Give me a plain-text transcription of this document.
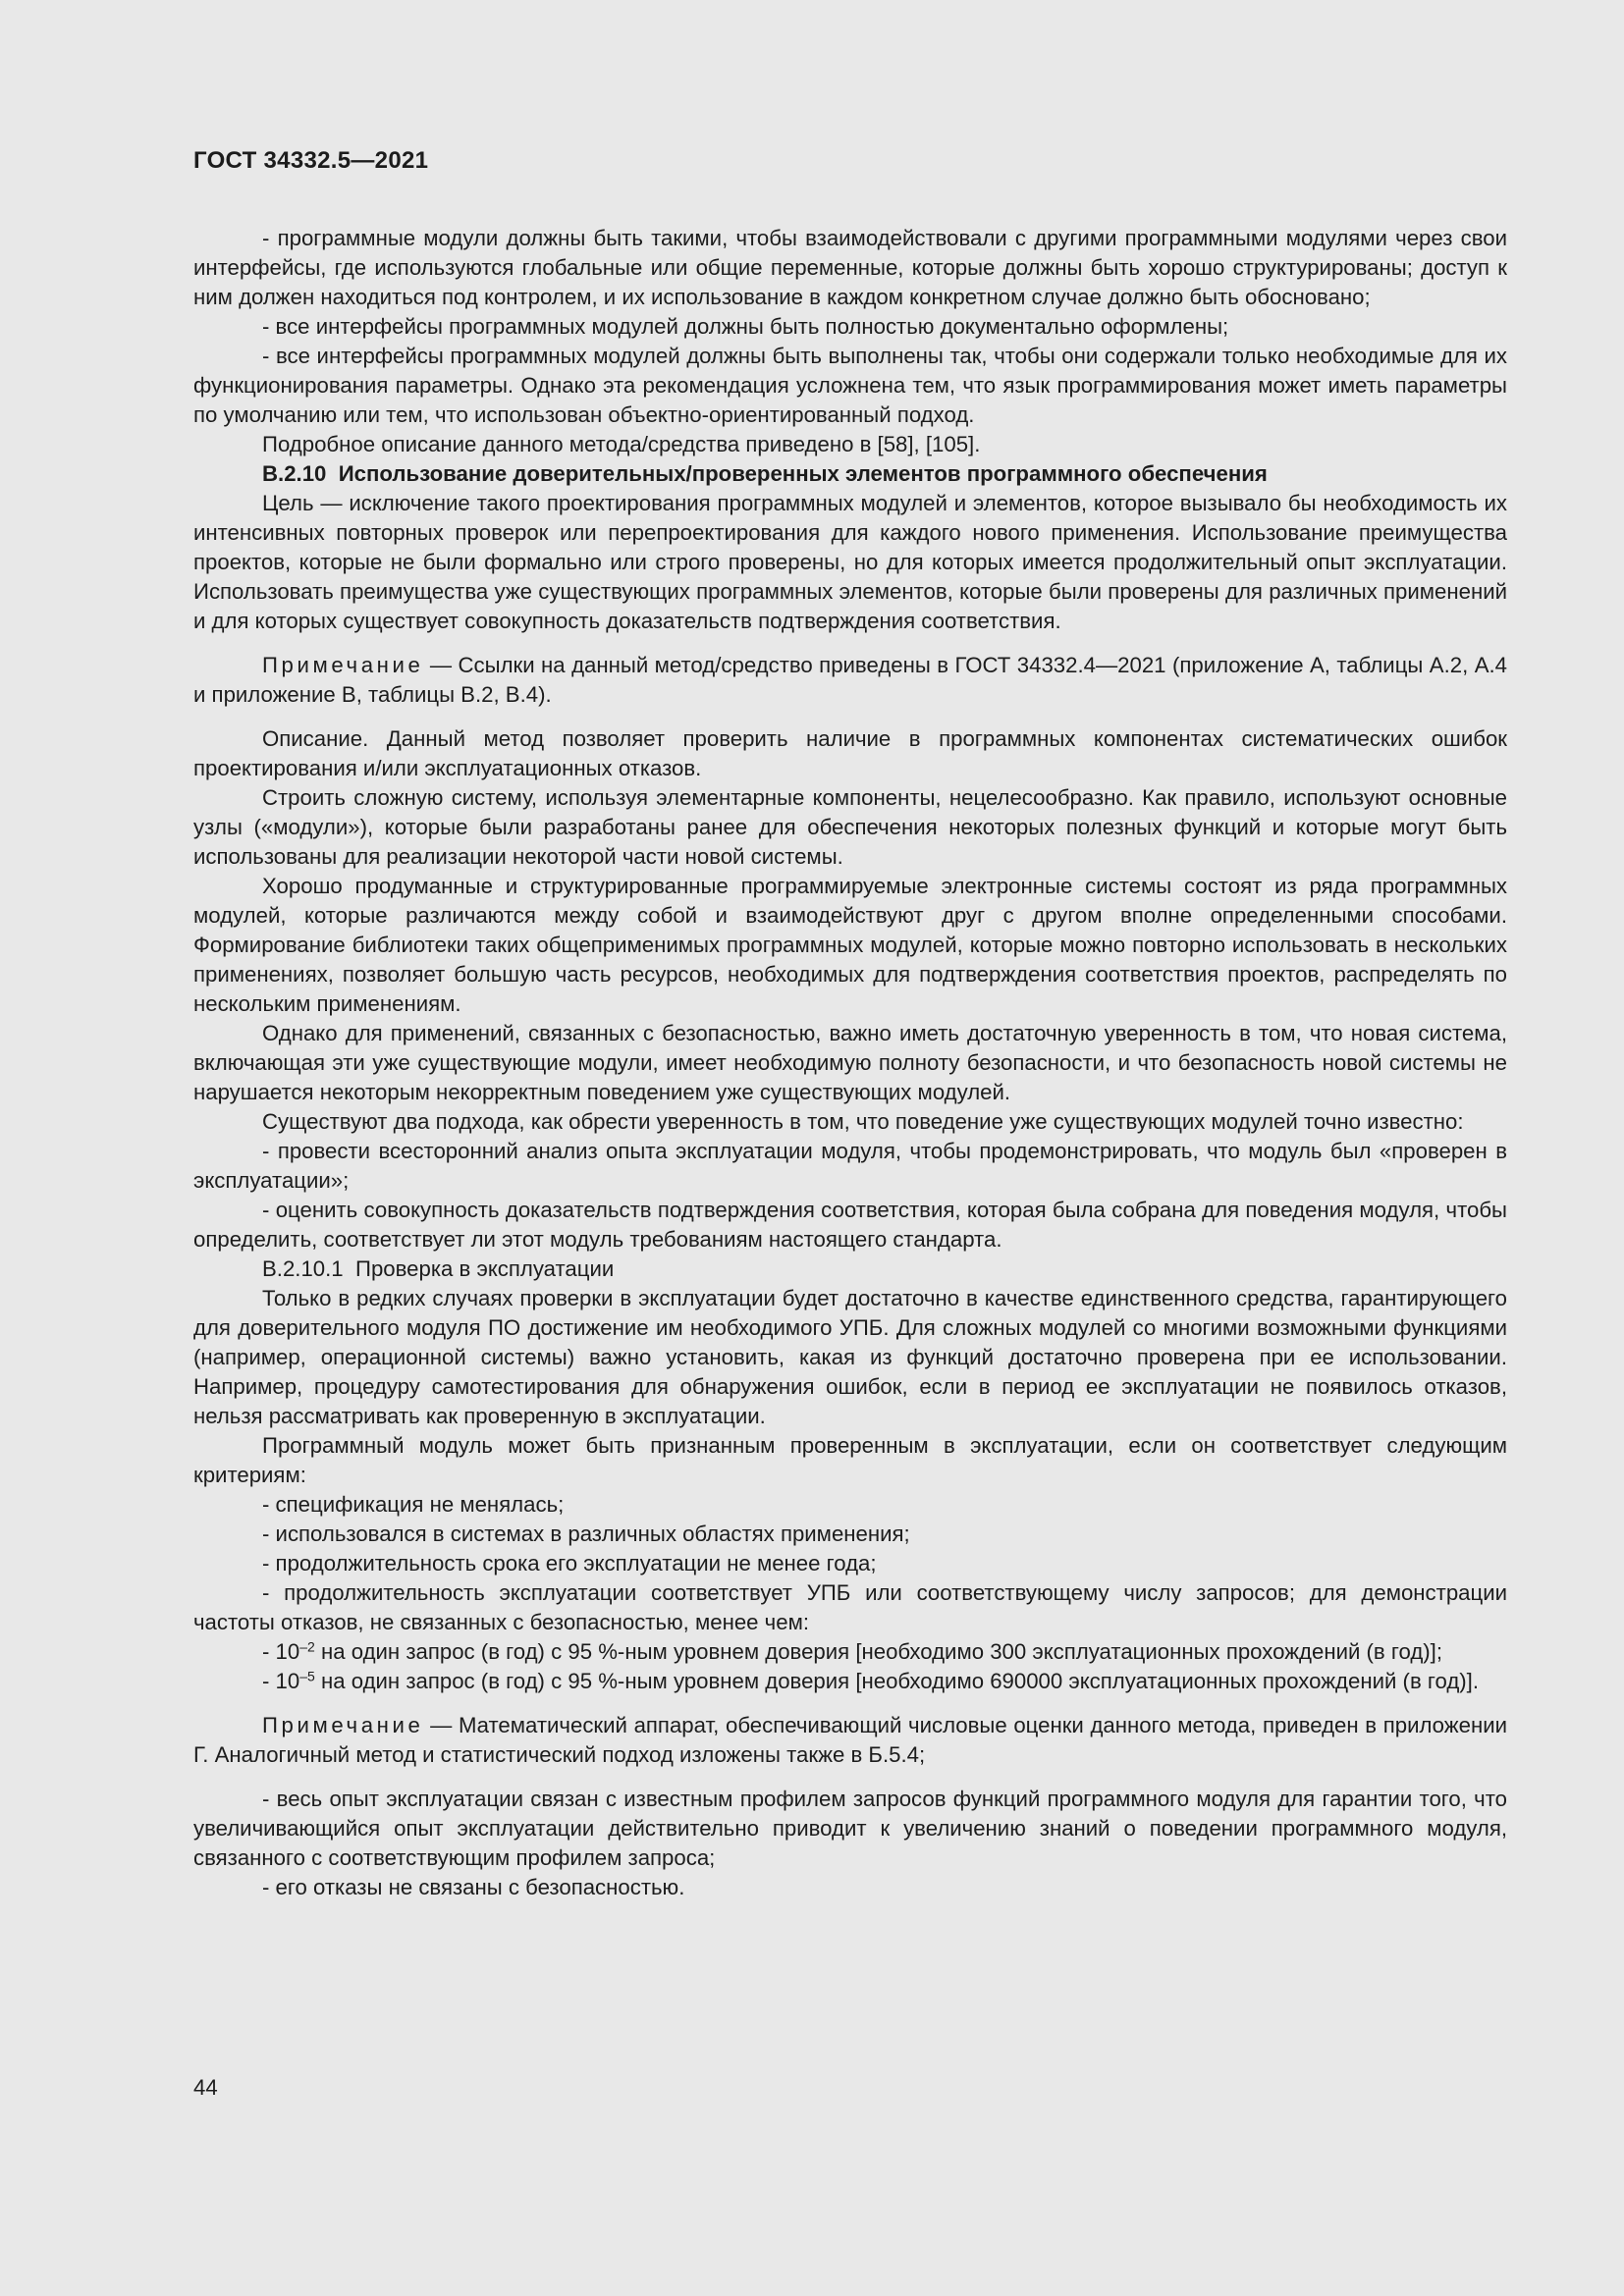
ГОСТ 34332.5—2021

- программные модули должны быть такими, чтобы взаимодействовали с другими программными модулями через свои интерфейсы, где используются глобальные или общие переменные, которые должны быть хорошо структурированы; доступ к ним должен находиться под контролем, и их использование в каждом конкретном случае должно быть обосновано;

- все интерфейсы программных модулей должны быть полностью документально оформлены;

- все интерфейсы программных модулей должны быть выполнены так, чтобы они содержали только необходимые для их функционирования параметры. Однако эта рекомендация усложнена тем, что язык программирования может иметь параметры по умолчанию или тем, что использован объектно-ориентированный подход.

Подробное описание данного метода/средства приведено в [58], [105].

В.2.10 Использование доверительных/проверенных элементов программного обеспечения

Цель — исключение такого проектирования программных модулей и элементов, которое вызывало бы необходимость их интенсивных повторных проверок или перепроектирования для каждого нового применения. Использование преимущества проектов, которые не были формально или строго проверены, но для которых имеется продолжительный опыт эксплуатации. Использовать преимущества уже существующих программных элементов, которые были проверены для различных применений и для которых существует совокупность доказательств подтверждения соответствия.

Примечание — Ссылки на данный метод/средство приведены в ГОСТ 34332.4—2021 (приложение А, таблицы А.2, А.4 и приложение В, таблицы В.2, В.4).

Описание. Данный метод позволяет проверить наличие в программных компонентах систематических ошибок проектирования и/или эксплуатационных отказов.

Строить сложную систему, используя элементарные компоненты, нецелесообразно. Как правило, используют основные узлы («модули»), которые были разработаны ранее для обеспечения некоторых полезных функций и которые могут быть использованы для реализации некоторой части новой системы.

Хорошо продуманные и структурированные программируемые электронные системы состоят из ряда программных модулей, которые различаются между собой и взаимодействуют друг с другом вполне определенными способами. Формирование библиотеки таких общеприменимых программных модулей, которые можно повторно использовать в нескольких применениях, позволяет большую часть ресурсов, необходимых для подтверждения соответствия проектов, распределять по нескольким применениям.

Однако для применений, связанных с безопасностью, важно иметь достаточную уверенность в том, что новая система, включающая эти уже существующие модули, имеет необходимую полноту безопасности, и что безопасность новой системы не нарушается некоторым некорректным поведением уже существующих модулей.

Существуют два подхода, как обрести уверенность в том, что поведение уже существующих модулей точно известно:

- провести всесторонний анализ опыта эксплуатации модуля, чтобы продемонстрировать, что модуль был «проверен в эксплуатации»;

- оценить совокупность доказательств подтверждения соответствия, которая была собрана для поведения модуля, чтобы определить, соответствует ли этот модуль требованиям настоящего стандарта.

В.2.10.1 Проверка в эксплуатации

Только в редких случаях проверки в эксплуатации будет достаточно в качестве единственного средства, гарантирующего для доверительного модуля ПО достижение им необходимого УПБ. Для сложных модулей со многими возможными функциями (например, операционной системы) важно установить, какая из функций достаточно проверена при ее использовании. Например, процедуру самотестирования для обнаружения ошибок, если в период ее эксплуатации не появилось отказов, нельзя рассматривать как проверенную в эксплуатации.

Программный модуль может быть признанным проверенным в эксплуатации, если он соответствует следующим критериям:

- спецификация не менялась;

- использовался в системах в различных областях применения;

- продолжительность срока его эксплуатации не менее года;

- продолжительность эксплуатации соответствует УПБ или соответствующему числу запросов; для демонстрации частоты отказов, не связанных с безопасностью, менее чем:

- $10^{-2}$ на один запрос (в год) с 95 %-ным уровнем доверия [необходимо 300 эксплуатационных прохождений (в год)];

- $10^{-5}$ на один запрос (в год) с 95 %-ным уровнем доверия [необходимо 690000 эксплуатационных прохождений (в год)].

Примечание — Математический аппарат, обеспечивающий числовые оценки данного метода, приведен в приложении Г. Аналогичный метод и статистический подход изложены также в Б.5.4;

- весь опыт эксплуатации связан с известным профилем запросов функций программного модуля для гарантии того, что увеличивающийся опыт эксплуатации действительно приводит к увеличению знаний о поведении программного модуля, связанного с соответствующим профилем запроса;

- его отказы не связаны с безопасностью.

44
